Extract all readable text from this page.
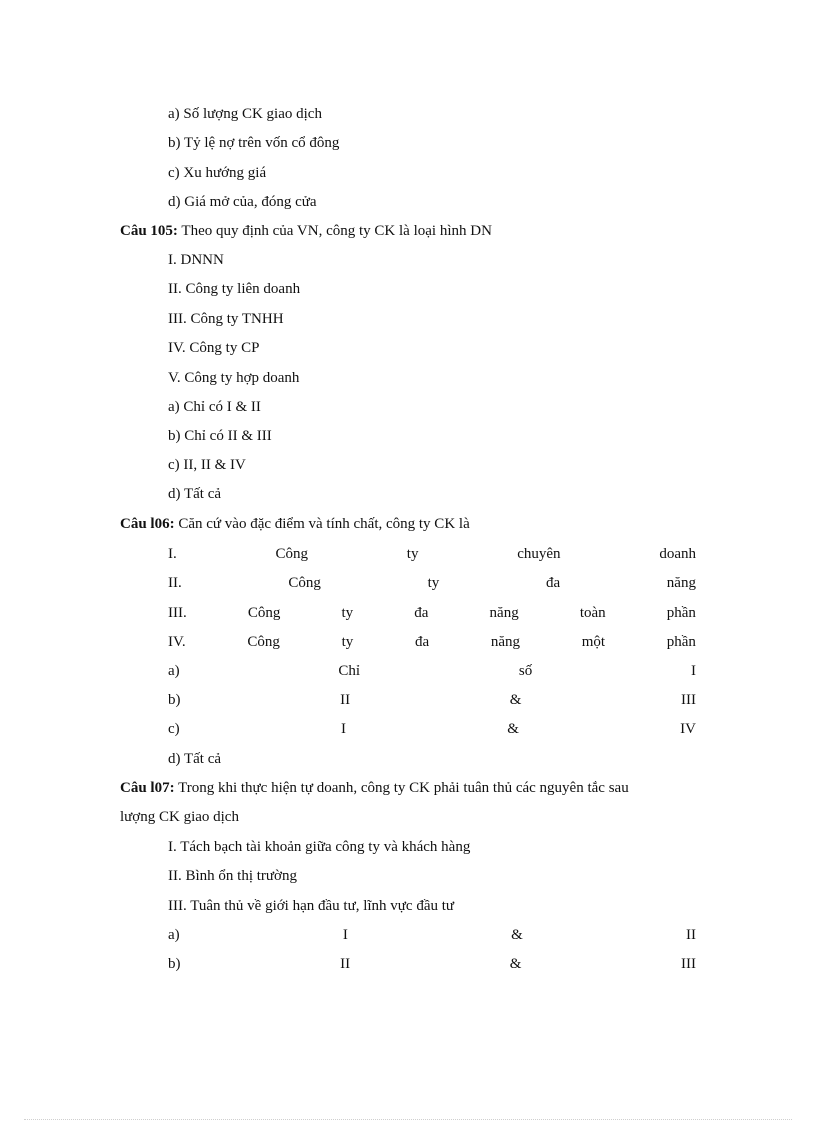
a) Số lượng CK giao dịch
b) Tỷ lệ nợ trên vốn cổ đông
c) Xu hướng giá
d) Giá mở của, đóng cửa
Câu 105: Theo quy định của VN, công ty CK là loại hình DN
I. DNNN
II. Công ty liên doanh
III. Công ty TNHH
IV. Công ty CP
V. Công ty hợp doanh
a) Chỉ có I & II
b) Chỉ có II & III
c) II, II & IV
d) Tất cả
Câu l06: Căn cứ vào đặc điểm và tính chất, công ty CK là
I.	Công	ty	chuyên	doanh
II.	Công	ty	đa	năng
III.	Công	ty	đa	năng	toàn	phần
IV.	Công	ty	đa	năng	một	phần
a)	Chỉ	số	I
b)	II	&	III
c)	I	&	IV
d) Tất cả
Câu l07: Trong khi thực hiện tự doanh, công ty CK phải tuân thủ các nguyên tắc sau
lượng CK giao dịch
I. Tách bạch tài khoản giữa công ty và khách hàng
II. Bình ổn thị trường
III. Tuân thủ về giới hạn đầu tư, lĩnh vực đầu tư
a)	I	&	II
b)	II	&	III
